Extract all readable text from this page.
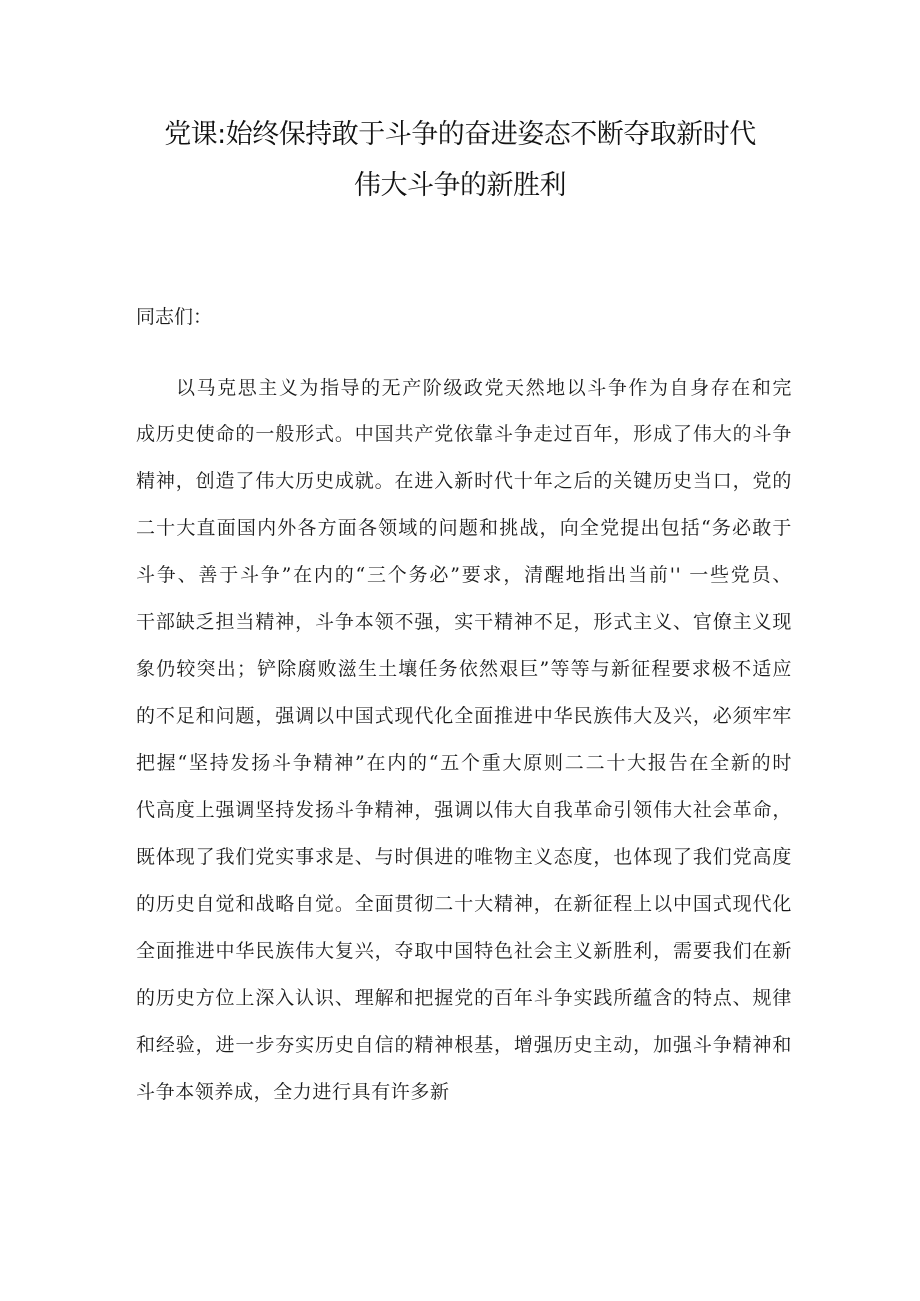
党课:始终保持敢于斗争的奋进姿态不断夺取新时代
伟大斗争的新胜利
同志们：
以马克思主义为指导的无产阶级政党天然地以斗争作为自身存在和完
成历史使命的一般形式。中国共产党依靠斗争走过百年，形成了伟大的斗争
精神，创造了伟大历史成就。在进入新时代十年之后的关键历史当口，党的
二十大直面国内外各方面各领域的问题和挑战，向全党提出包括“务必敢于
斗争、善于斗争”在内的“三个务必”要求，清醒地指出当前'' 一些党员、
干部缺乏担当精神，斗争本领不强，实干精神不足，形式主义、官僚主义现
象仍较突出；铲除腐败滋生土壤任务依然艰巨”等等与新征程要求极不适应
的不足和问题，强调以中国式现代化全面推进中华民族伟大及兴，必须牢牢
把握“坚持发扬斗争精神”在内的“五个重大原则二二十大报告在全新的时
代高度上强调坚持发扬斗争精神，强调以伟大自我革命引领伟大社会革命，
既体现了我们党实事求是、与时俱进的唯物主义态度，也体现了我们党高度
的历史自觉和战略自觉。全面贯彻二十大精神，在新征程上以中国式现代化
全面推进中华民族伟大复兴，夺取中国特色社会主义新胜利，需要我们在新
的历史方位上深入认识、理解和把握党的百年斗争实践所蕴含的特点、规律
和经验，进一步夯实历史自信的精神根基，增强历史主动，加强斗争精神和
斗争本领养成，全力进行具有许多新
